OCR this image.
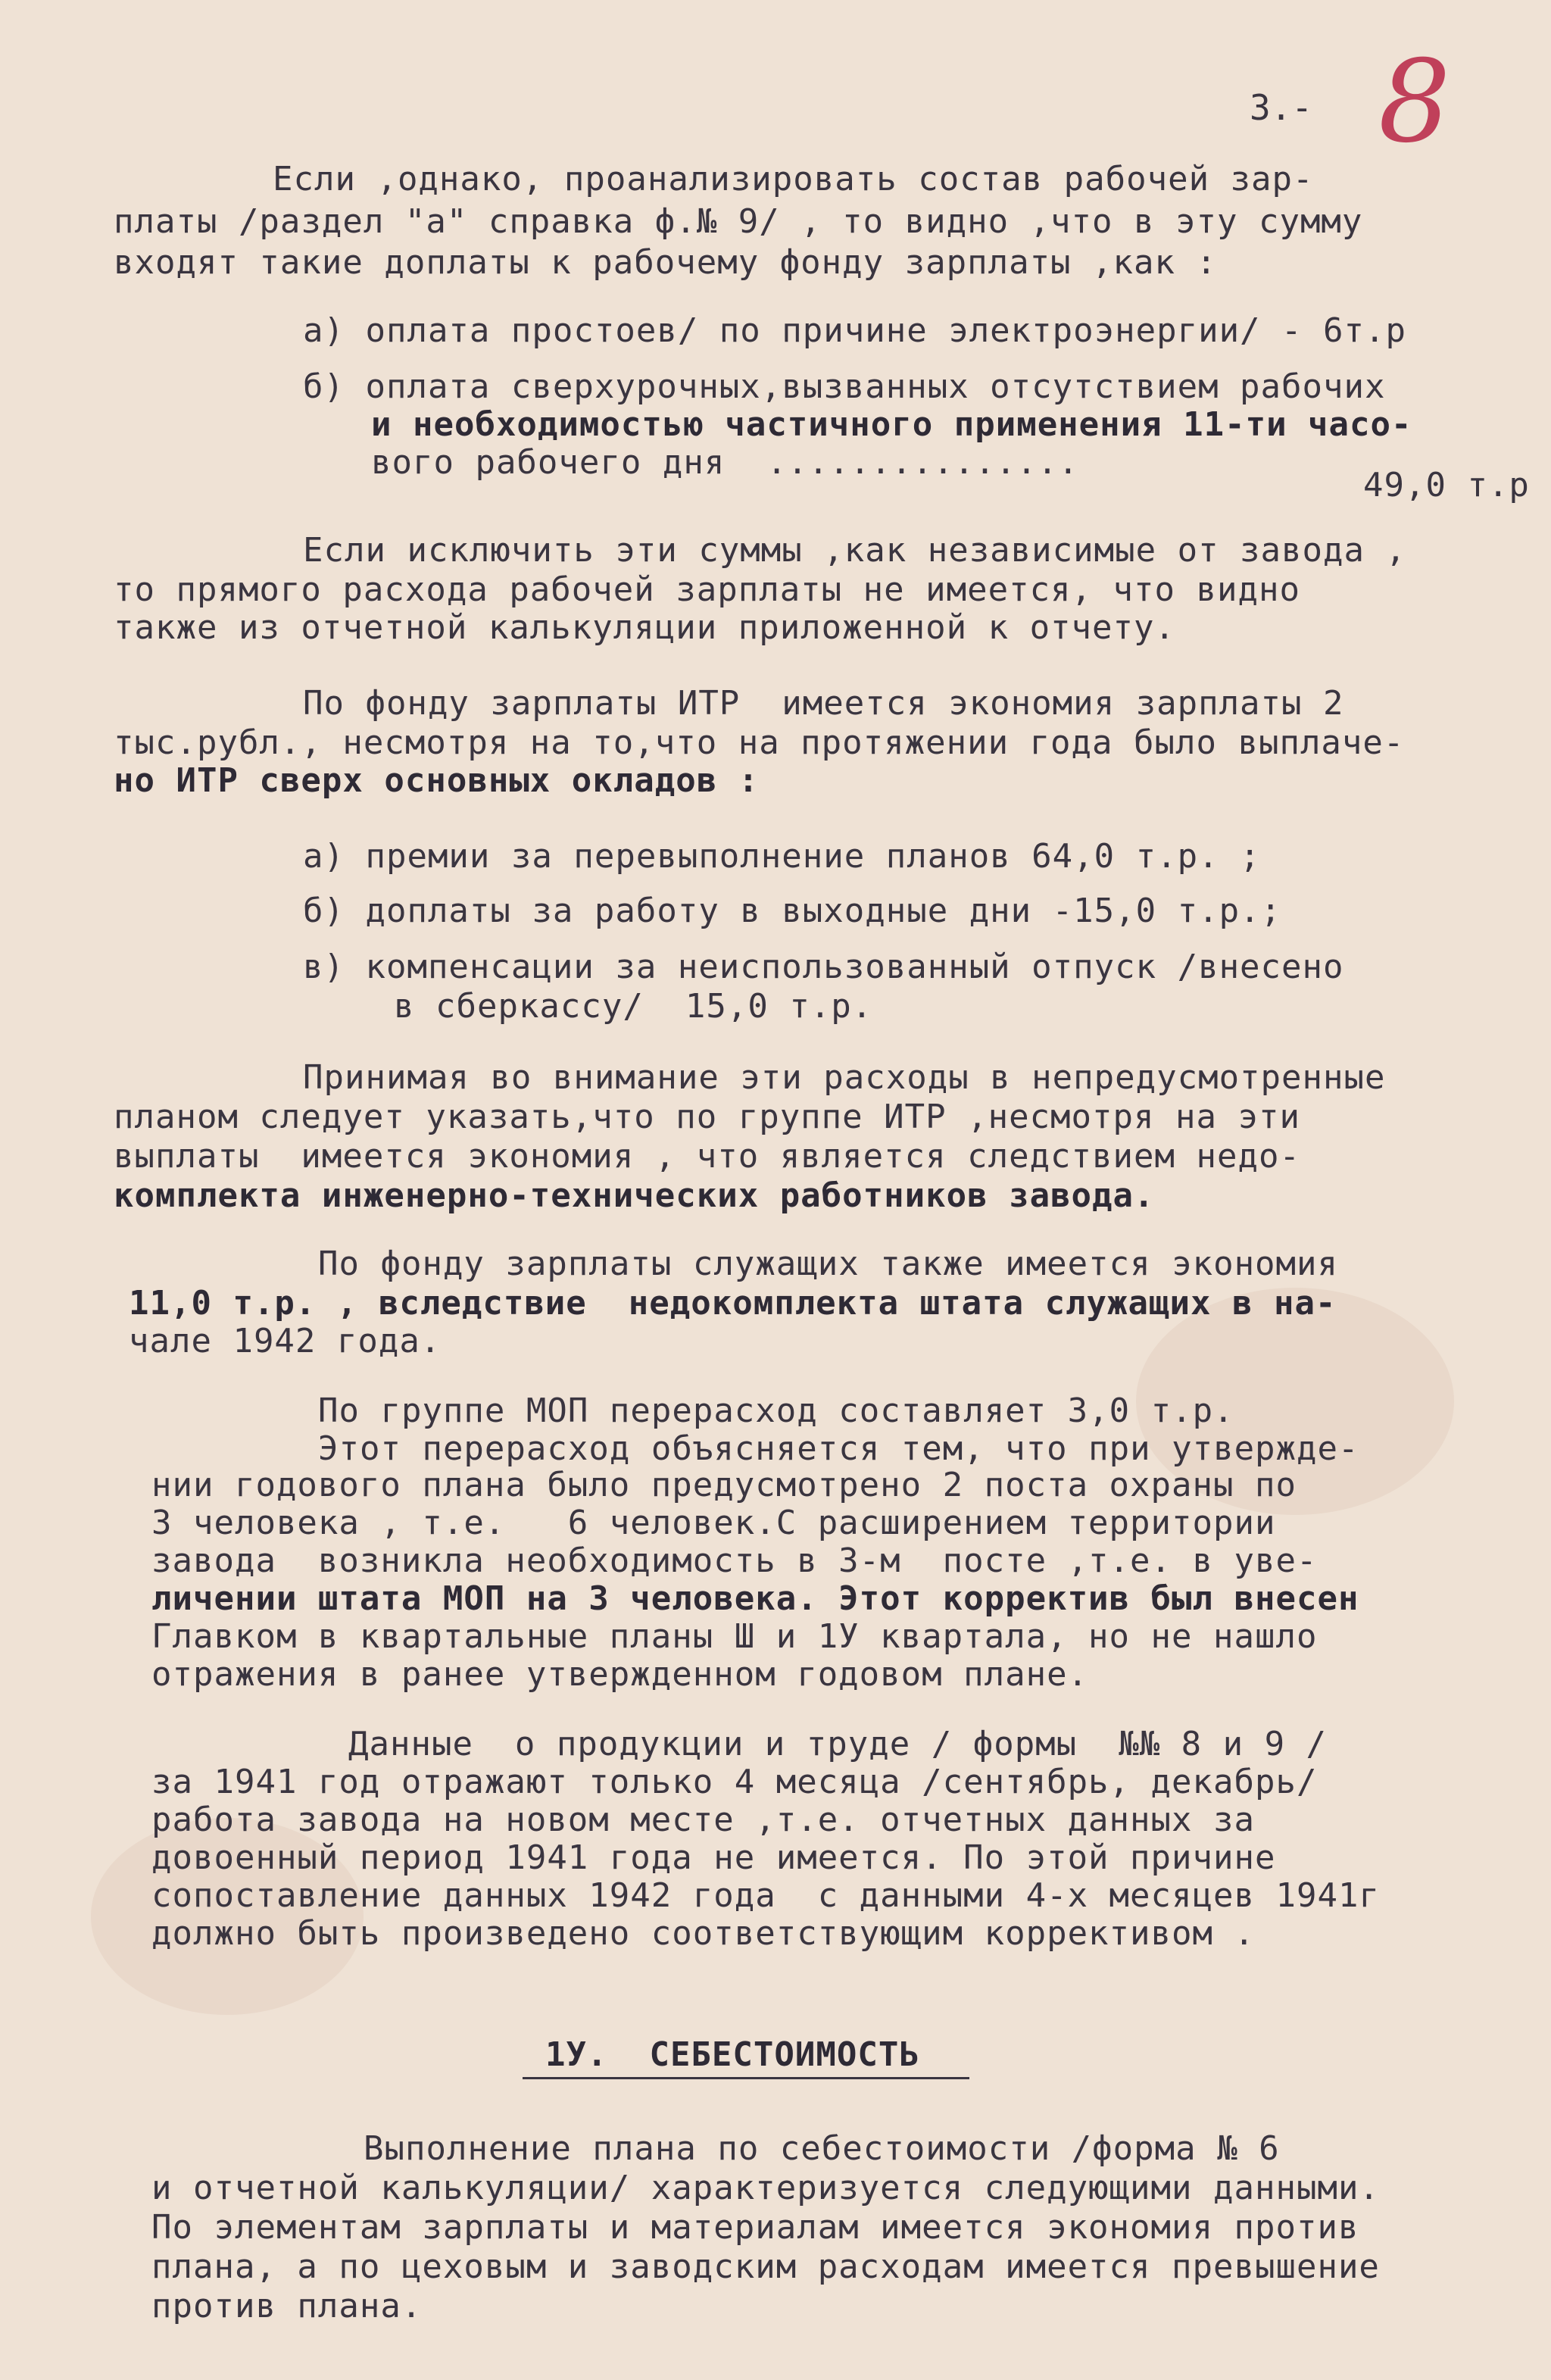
3.- 8
Если ,однако, проанализировать состав рабочей зар-
платы /раздел "а" справка ф.№ 9/ , то видно ,что в эту сумму
входят такие доплаты к рабочему фонду зарплаты ,как :
а) оплата простоев/ по причине электроэнергии/ - 6т.р
б) оплата сверхурочных,вызванных отсутствием рабочих
и необходимостью частичного применения 11-ти часо-
вого рабочего дня  ...............
49,0 т.р
Если исключить эти суммы ,как независимые от завода ,
то прямого расхода рабочей зарплаты не имеется, что видно
также из отчетной калькуляции приложенной к отчету.
По фонду зарплаты ИТР  имеется экономия зарплаты 2
тыс.рубл., несмотря на то,что на протяжении года было выплаче-
но ИТР сверх основных окладов :
а) премии за перевыполнение планов 64,0 т.р. ;
б) доплаты за работу в выходные дни -15,0 т.р.;
в) компенсации за неиспользованный отпуск /внесено
в сберкассу/  15,0 т.р.
Принимая во внимание эти расходы в непредусмотренные
планом следует указать,что по группе ИТР ,несмотря на эти
выплаты  имеется экономия , что является следствием недо-
комплекта инженерно-технических работников завода.
По фонду зарплаты служащих также имеется экономия
11,0 т.р. , вследствие  недокомплекта штата служащих в на-
чале 1942 года.
По группе МОП перерасход составляет 3,0 т.р.
Этот перерасход объясняется тем, что при утвержде-
нии годового плана было предусмотрено 2 поста охраны по
3 человека , т.е.   6 человек.С расширением территории
завода  возникла необходимость в 3-м  посте ,т.е. в уве-
личении штата МОП на 3 человека. Этот корректив был внесен
Главком в квартальные планы Ш и 1У квартала, но не нашло
отражения в ранее утвержденном годовом плане.
Данные  о продукции и труде / формы  №№ 8 и 9 /
за 1941 год отражают только 4 месяца /сентябрь, декабрь/
работа завода на новом месте ,т.е. отчетных данных за
довоенный период 1941 года не имеется. По этой причине
сопоставление данных 1942 года  с данными 4-х месяцев 1941г
должно быть произведено соответствующим коррективом .
1У.  СЕБЕСТОИМОСТЬ
Выполнение плана по себестоимости /форма № 6
и отчетной калькуляции/ характеризуется следующими данными.
По элементам зарплаты и материалам имеется экономия против
плана, а по цеховым и заводским расходам имеется превышение
против плана.
